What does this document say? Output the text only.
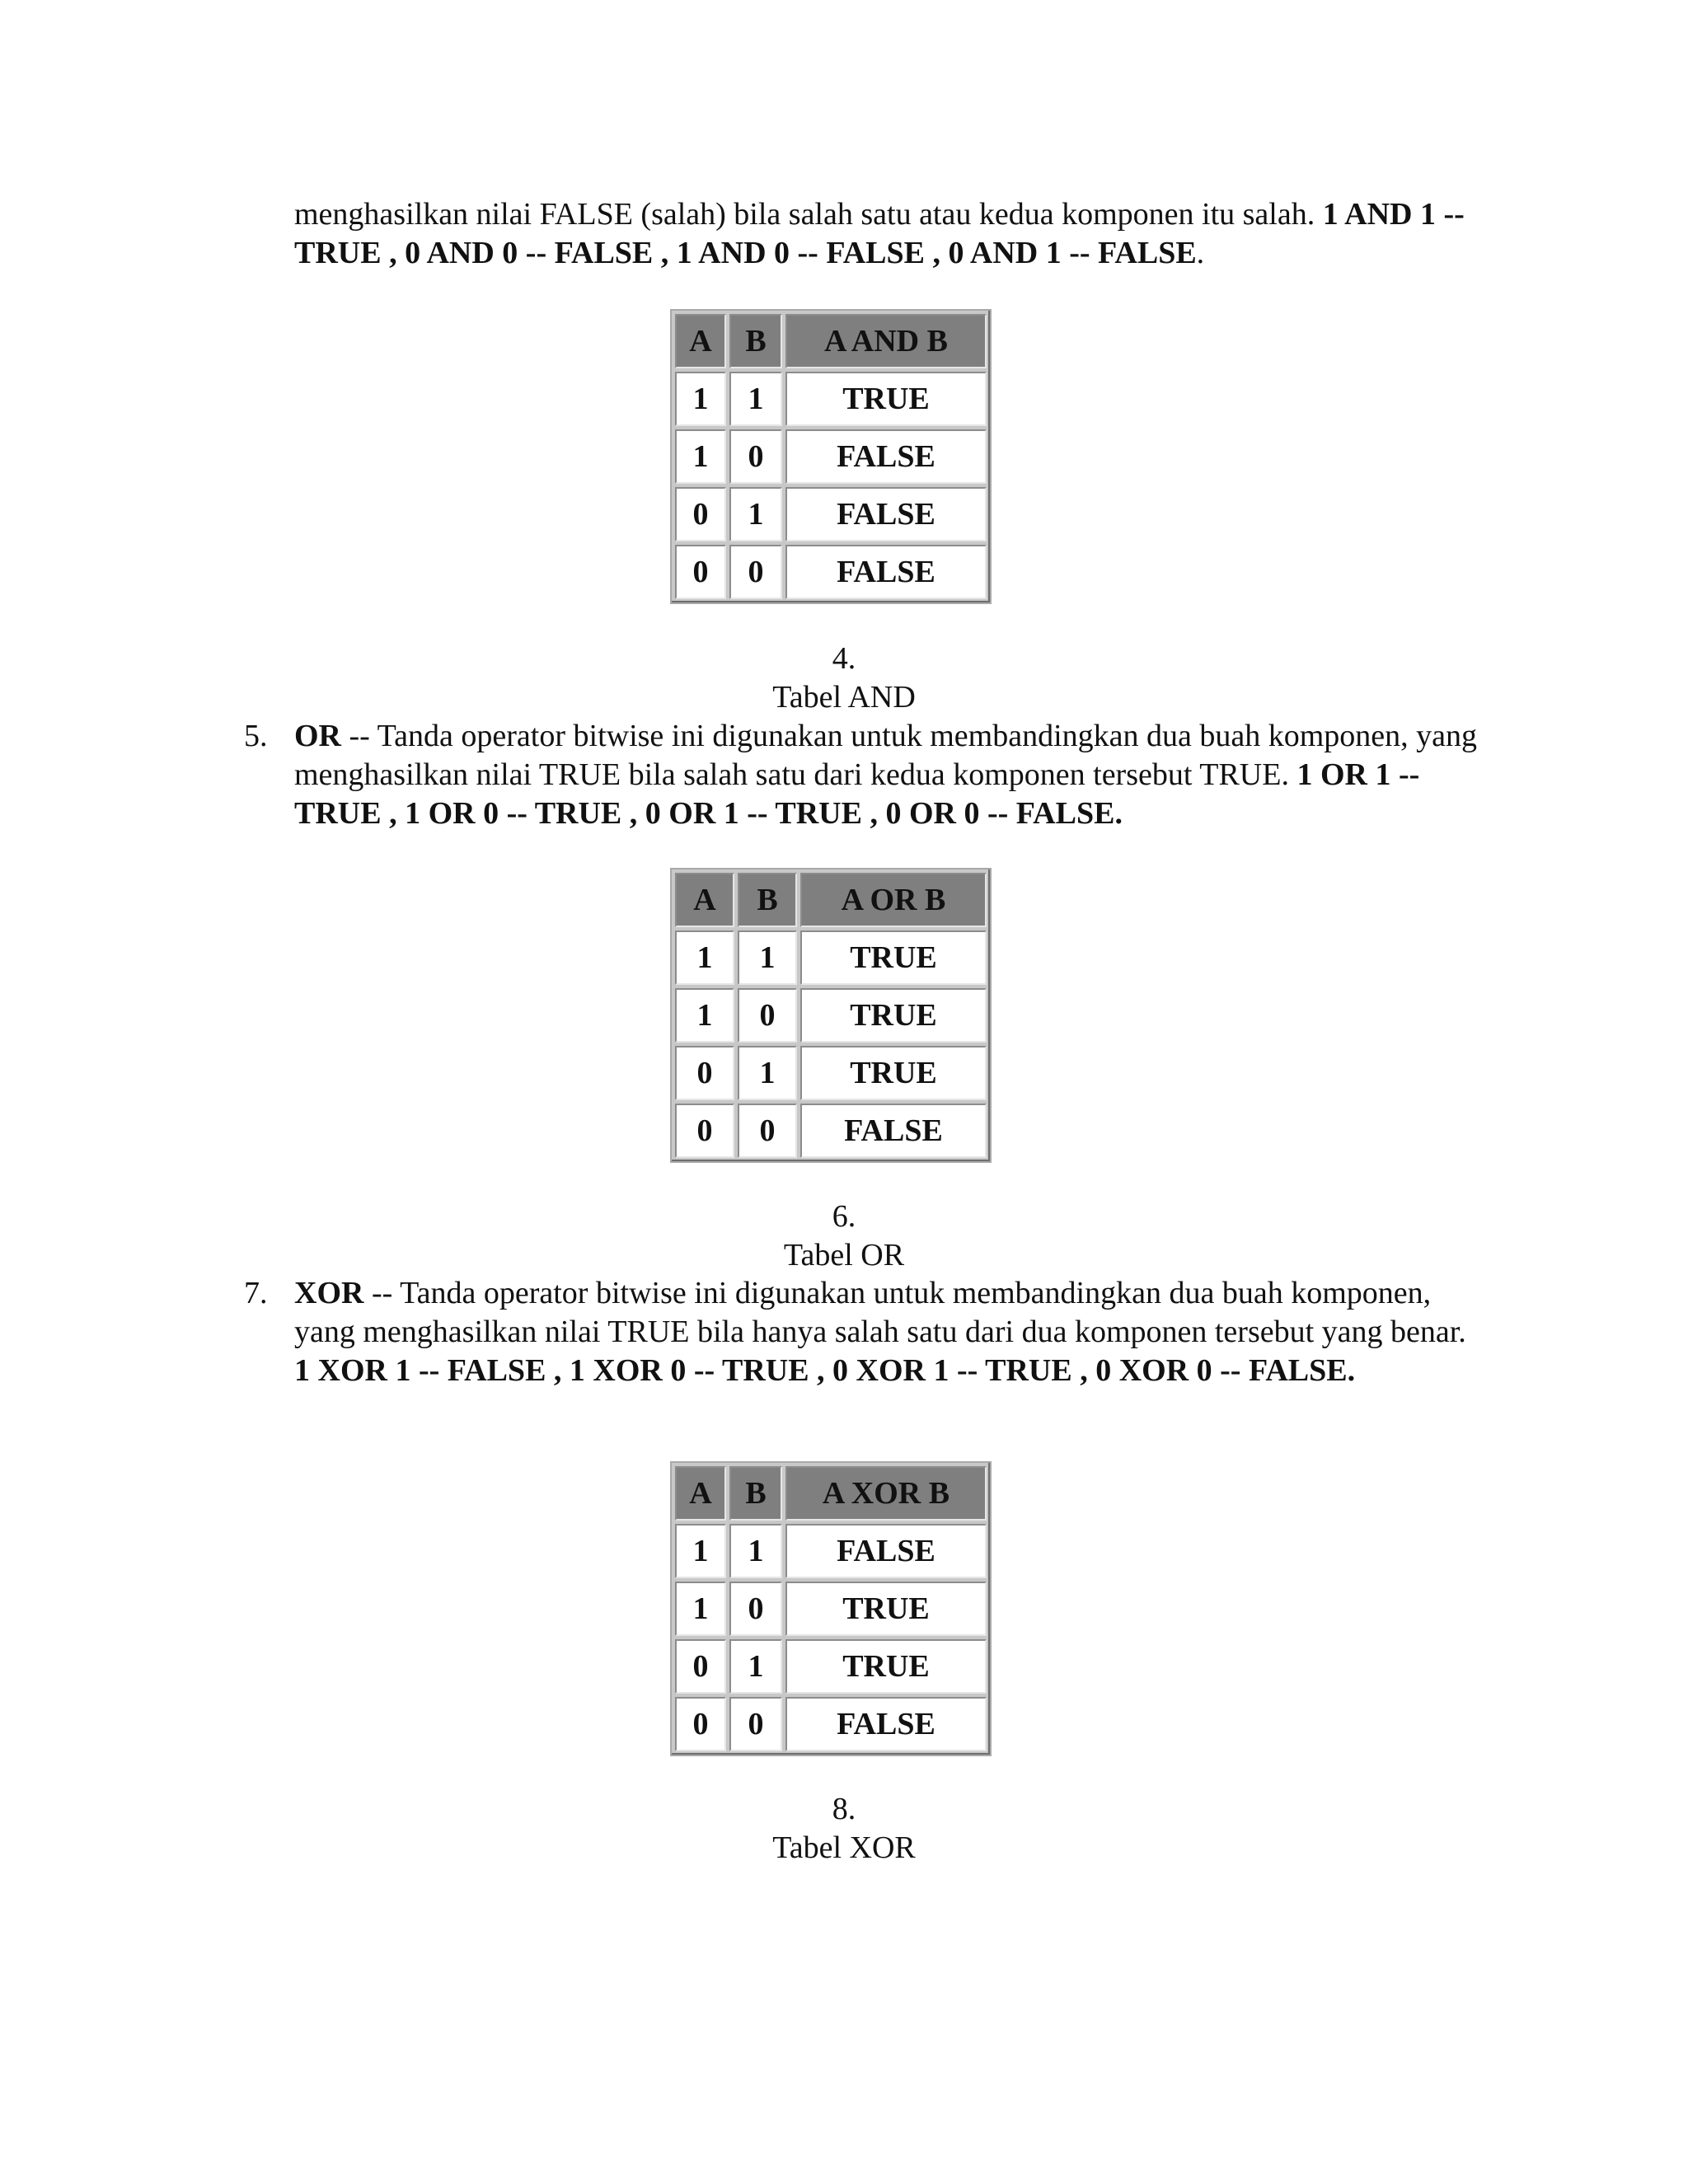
menghasilkan nilai FALSE (salah) bila salah satu atau kedua komponen itu salah. 1 AND 1 -- TRUE , 0 AND 0 -- FALSE , 1 AND 0 -- FALSE , 0 AND 1 -- FALSE.
A	B	A AND B
1	1	TRUE
1	0	FALSE
0	1	FALSE
0	0	FALSE
4.
Tabel AND
5. OR -- Tanda operator bitwise ini digunakan untuk membandingkan dua buah komponen, yang menghasilkan nilai TRUE bila salah satu dari kedua komponen tersebut TRUE. 1 OR 1 -- TRUE , 1 OR 0 -- TRUE , 0 OR 1 -- TRUE , 0 OR 0 -- FALSE.
A	B	A OR B
1	1	TRUE
1	0	TRUE
0	1	TRUE
0	0	FALSE
6.
Tabel OR
7. XOR -- Tanda operator bitwise ini digunakan untuk membandingkan dua buah komponen, yang menghasilkan nilai TRUE bila hanya salah satu dari dua komponen tersebut yang benar. 1 XOR 1 -- FALSE , 1 XOR 0 -- TRUE , 0 XOR 1 -- TRUE , 0 XOR 0 -- FALSE.
A	B	A XOR B
1	1	FALSE
1	0	TRUE
0	1	TRUE
0	0	FALSE
8.
Tabel XOR
